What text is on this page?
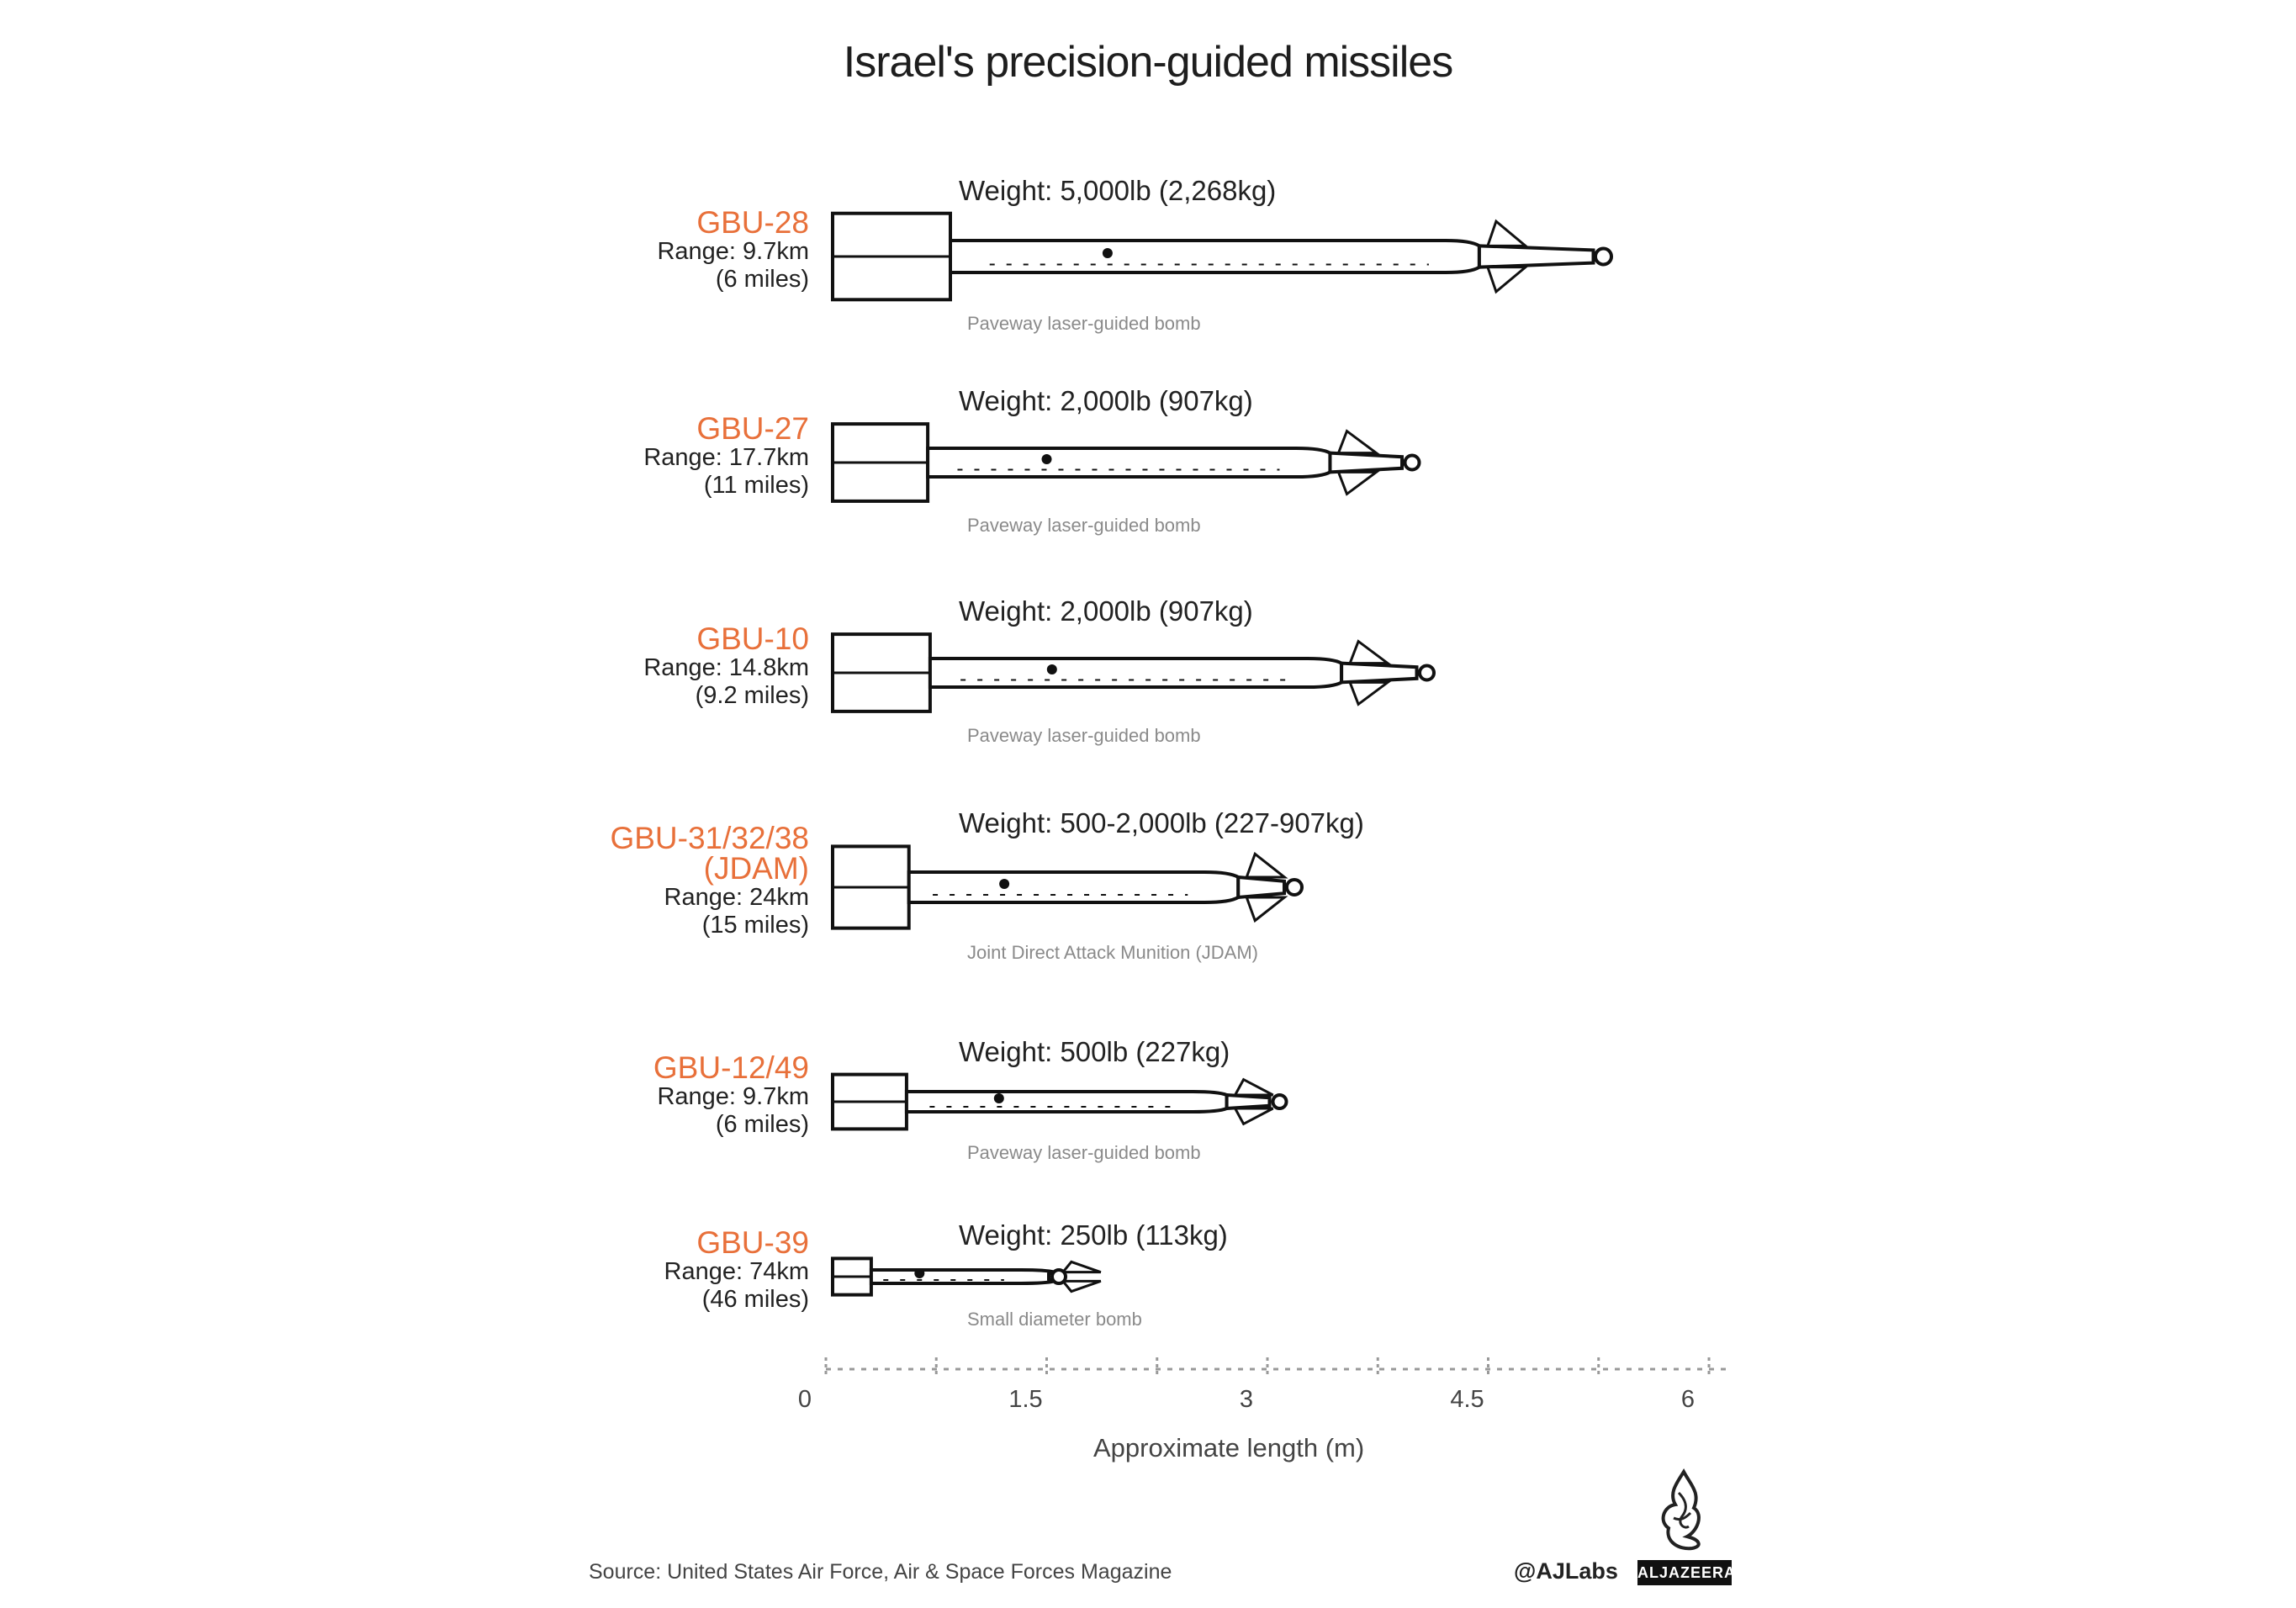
Israel's precision-guided missiles
GBU-28
Range: 9.7km
(6 miles)
Weight: 5,000lb (2,268kg)
Paveway laser-guided bomb
GBU-27
Range: 17.7km
(11 miles)
Weight: 2,000lb (907kg)
Paveway laser-guided bomb
GBU-10
Range: 14.8km
(9.2 miles)
Weight: 2,000lb (907kg)
Paveway laser-guided bomb
GBU-31/32/38
(JDAM)
Range: 24km
(15 miles)
Weight: 500-2,000lb (227-907kg)
Joint Direct Attack Munition (JDAM)
GBU-12/49
Range: 9.7km
(6 miles)
Weight: 500lb (227kg)
Paveway laser-guided bomb
GBU-39
Range: 74km
(46 miles)
Weight: 250lb (113kg)
Small diameter bomb
0	1.5	3	4.5	6
Approximate length (m)
Source: United States Air Force, Air & Space Forces Magazine	@AJLabs ALJAZEERA
